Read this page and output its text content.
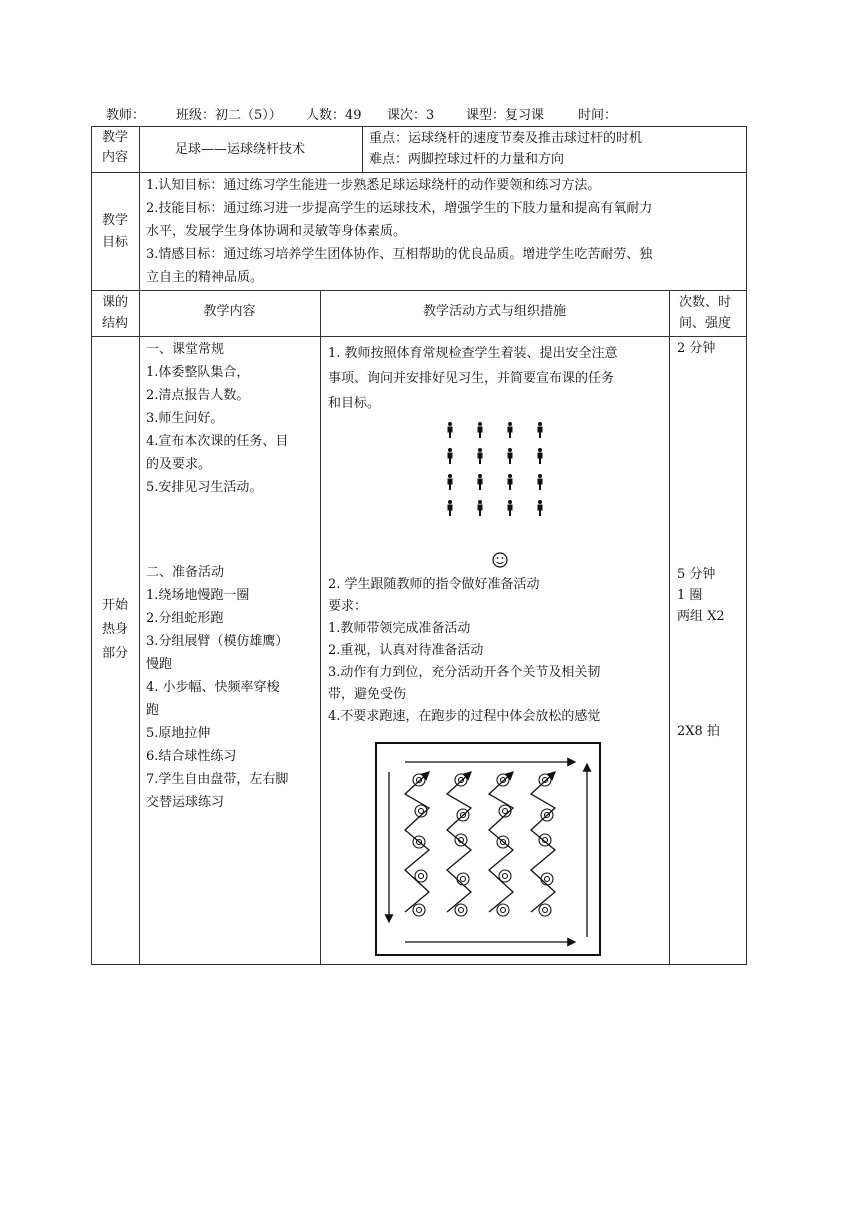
教师： 班级：初二（5）） 人数：49 课次：3 课型：复习课	时间：
教学
内容
足球——运球绕杆技术
重点：运球绕杆的速度节奏及推击球过杆的时机
难点：两脚控球过杆的力量和方向
教学
目标
1.认知目标：通过练习学生能进一步熟悉足球运球绕杆的动作要领和练习方法。
2.技能目标：通过练习进一步提高学生的运球技术，增强学生的下肢力量和提高有氧耐力
水平，发展学生身体协调和灵敏等身体素质。
3.情感目标：通过练习培养学生团体协作、互相帮助的优良品质。增进学生吃苦耐劳、独
立自主的精神品质。
课的
结构
教学内容	教学活动方式与组织措施
次数、时
间、强度
开始
热身
部分
一、课堂常规
1.体委整队集合，
2.清点报告人数。
3.师生问好。
4.宣布本次课的任务、目
的及要求。
5.安排见习生活动。
二、准备活动
1.绕场地慢跑一圈
2.分组蛇形跑
3.分组展臂（模仿雄鹰）
慢跑
4. 小步幅、快频率穿梭
跑
5.原地拉伸
6.结合球性练习
7.学生自由盘带，左右脚
交替运球练习
1. 教师按照体育常规检查学生着装、提出安全注意
事项、询问并安排好见习生，并简要宣布课的任务
和目标。
2. 学生跟随教师的指令做好准备活动
要求：
1.教师带领完成准备活动
2.重视，认真对待准备活动
3.动作有力到位，充分活动开各个关节及相关韧
带，避免受伤
4.不要求跑速，在跑步的过程中体会放松的感觉
2 分钟
5 分钟
1 圈
两组 X2
2X8 拍
